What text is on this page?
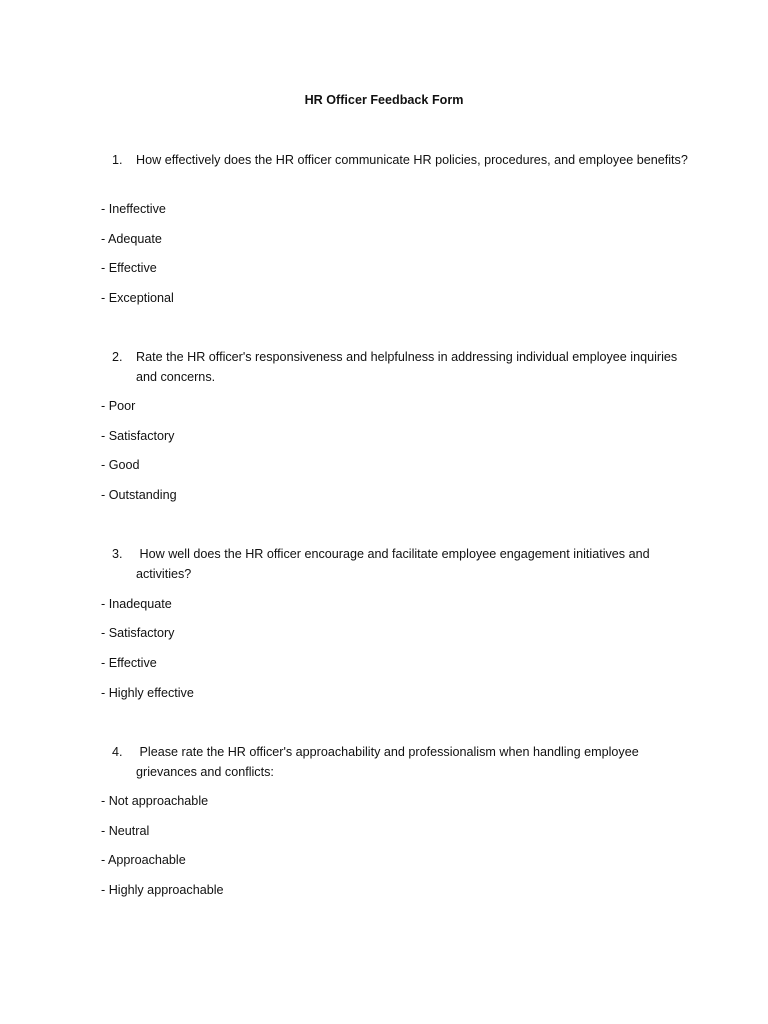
HR Officer Feedback Form
1. How effectively does the HR officer communicate HR policies, procedures, and employee benefits?
- Ineffective
- Adequate
- Effective
- Exceptional
2. Rate the HR officer's responsiveness and helpfulness in addressing individual employee inquiries and concerns.
- Poor
- Satisfactory
- Good
- Outstanding
3. How well does the HR officer encourage and facilitate employee engagement initiatives and activities?
- Inadequate
- Satisfactory
- Effective
- Highly effective
4. Please rate the HR officer's approachability and professionalism when handling employee grievances and conflicts:
- Not approachable
- Neutral
- Approachable
- Highly approachable
